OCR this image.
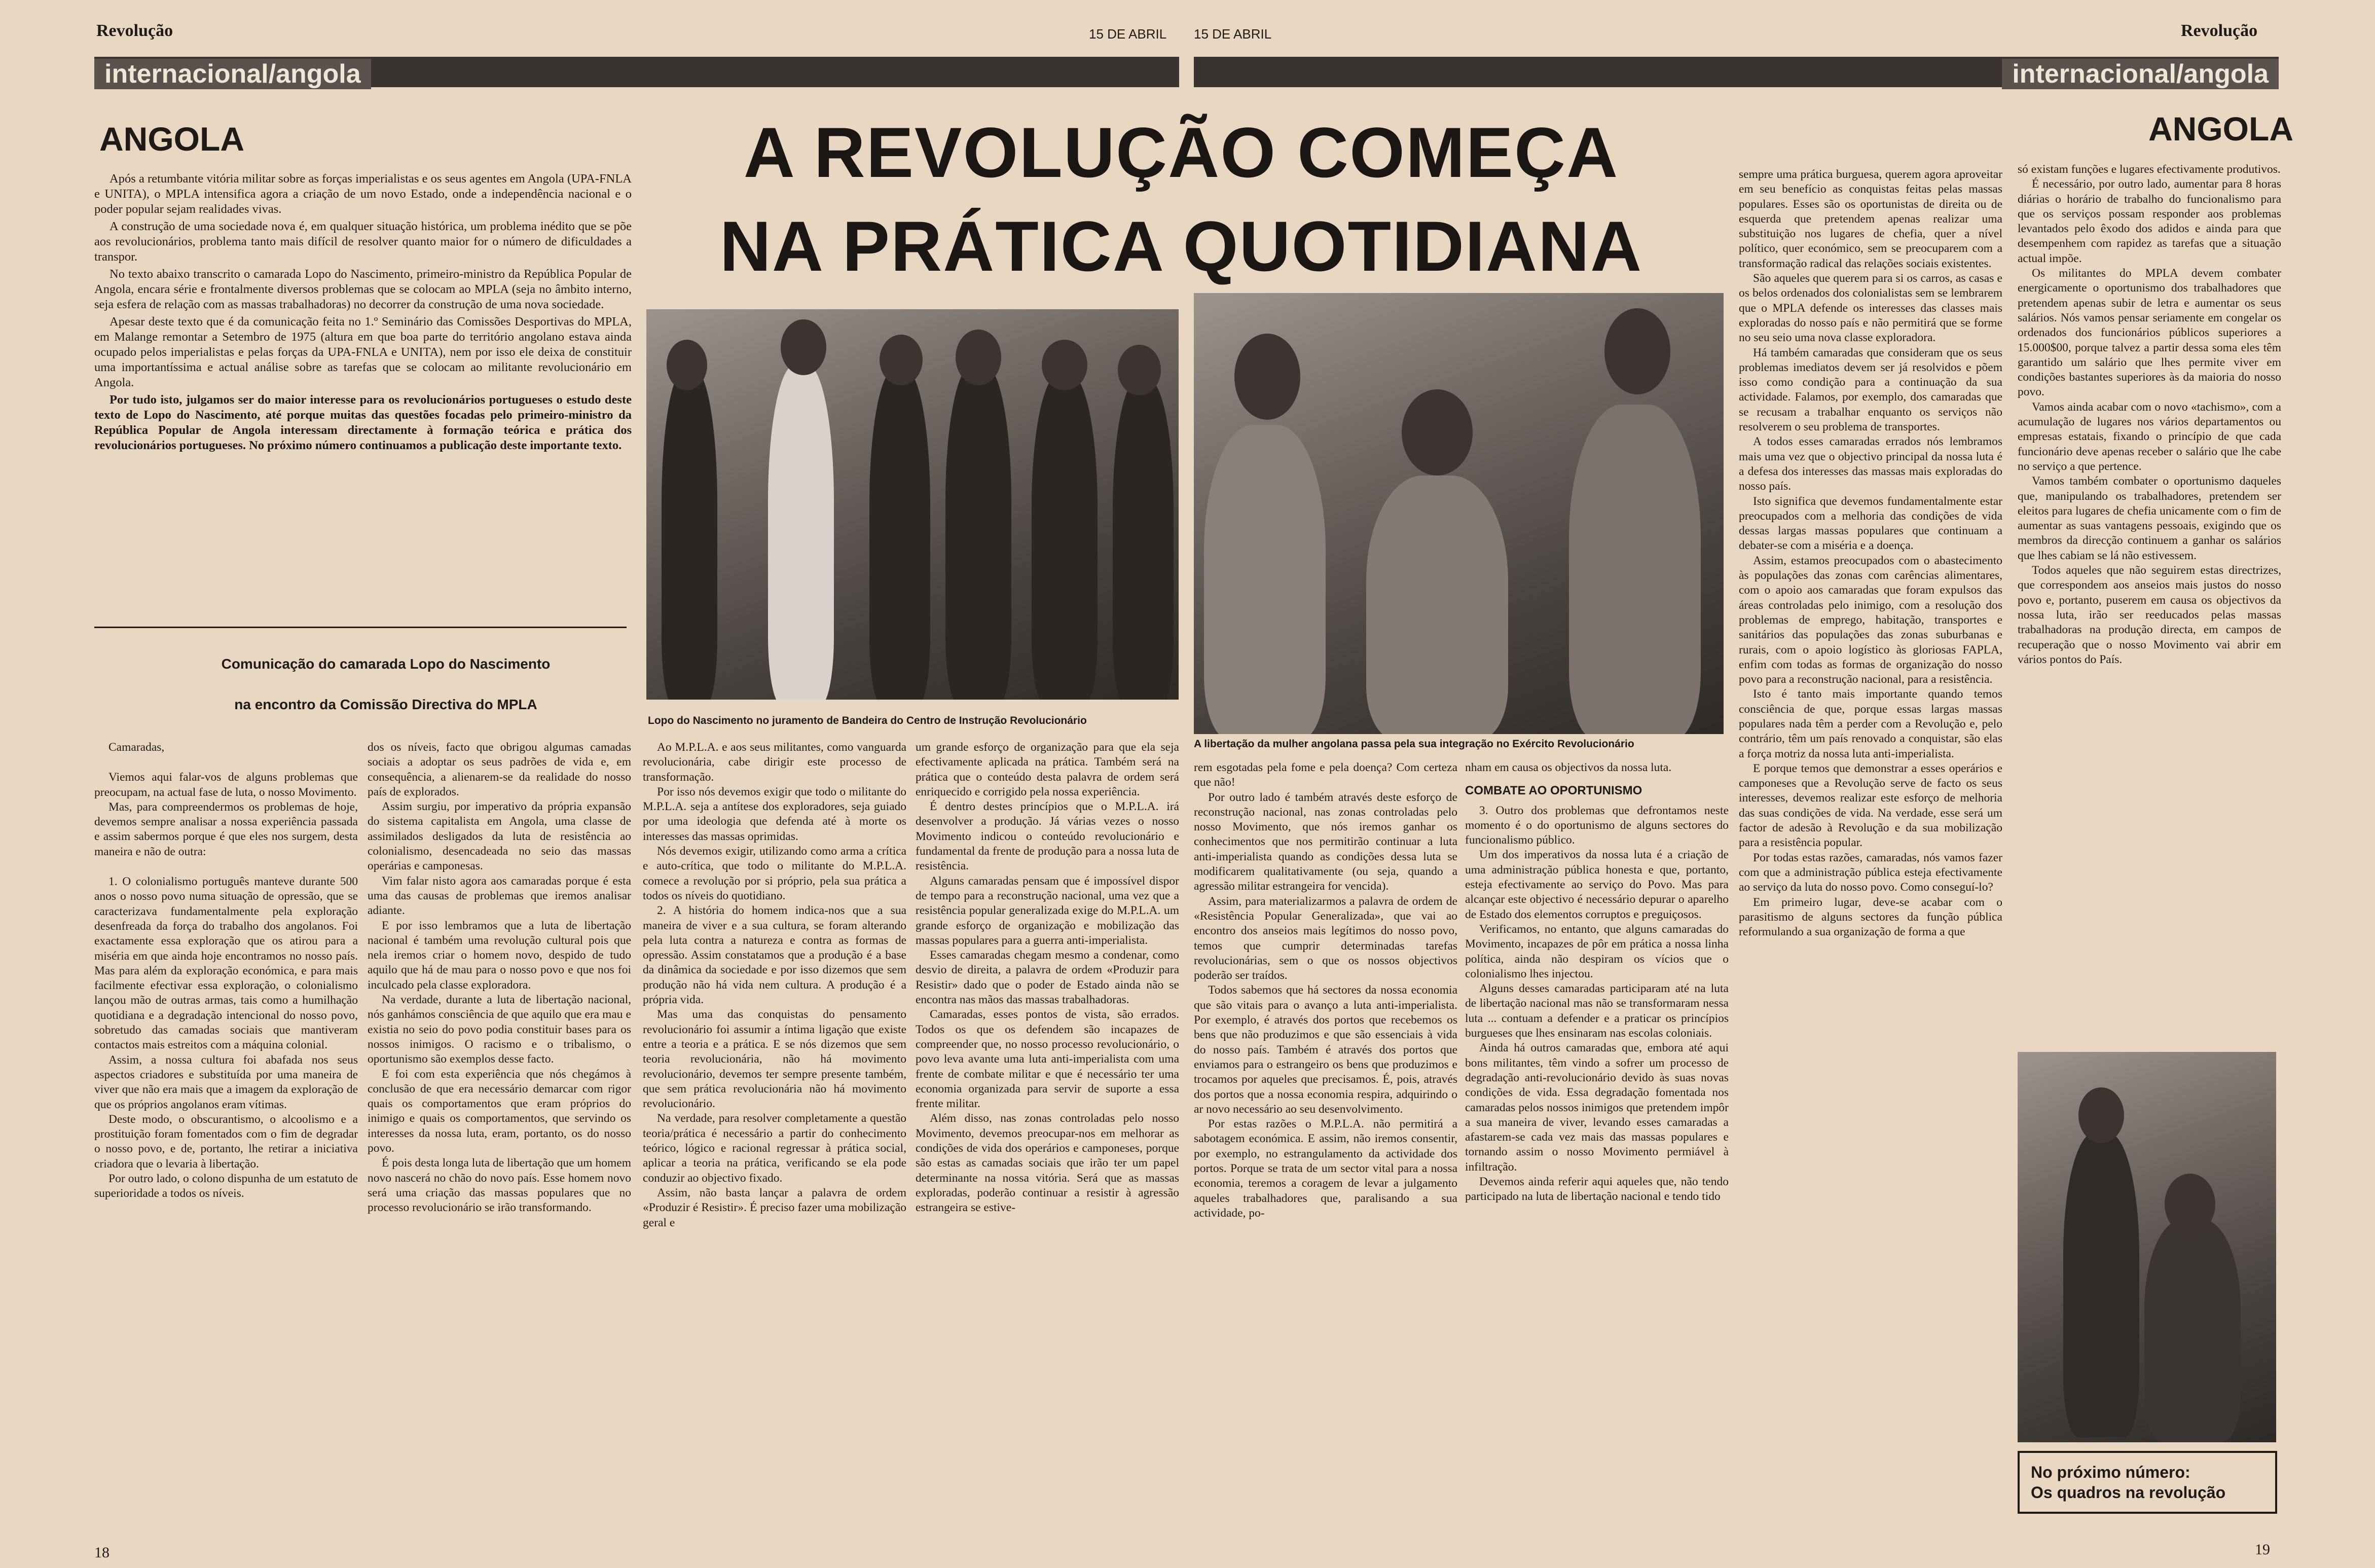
Revolução	15 DE ABRIL 15 DE ABRIL	Revolução
internacional/angola	internacional/angola
ANGOLA	ANGOLA
A REVOLUÇÃO COMEÇA
NA PRÁTICA QUOTIDIANA

Após a retumbante vitória militar sobre as forças imperialistas e os seus agentes em Angola (UPA-FNLA e UNITA), o MPLA intensifica agora a criação de um novo Estado, onde a independência nacional e o poder popular sejam realidades vivas.

A construção de uma sociedade nova é, em qualquer situação histórica, um problema inédito que se põe aos revolucionários, problema tanto mais difícil de resolver quanto maior for o número de dificuldades a transpor.

No texto abaixo transcrito o camarada Lopo do Nascimento, primeiro-ministro da República Popular de Angola, encara série e frontalmente diversos problemas que se colocam ao MPLA (seja no âmbito interno, seja esfera de relação com as massas trabalhadoras) no decorrer da construção de uma nova sociedade.

Apesar deste texto que é da comunicação feita no 1.º Seminário das Comissões Desportivas do MPLA, em Malange remontar a Setembro de 1975 (altura em que boa parte do território angolano estava ainda ocupado pelos imperialistas e pelas forças da UPA-FNLA e UNITA), nem por isso ele deixa de constituir uma importantíssima e actual análise sobre as tarefas que se colocam ao militante revolucionário em Angola.

Por tudo isto, julgamos ser do maior interesse para os revolucionários portugueses o estudo deste texto de Lopo do Nascimento, até porque muitas das questões focadas pelo primeiro-ministro da República Popular de Angola interessam directamente à formação teórica e prática dos revolucionários portugueses. No próximo número continuamos a publicação deste importante texto.

Comunicação do camarada Lopo do Nascimento
na encontro da Comissão Directiva do MPLA
Lopo do Nascimento no juramento de Bandeira do Centro de Instrução Revolucionário
A libertação da mulher angolana passa pela sua integração no Exército Revolucionário

Camaradas,

Viemos aqui falar-vos de alguns problemas que preocupam, na actual fase de luta, o nosso Movimento.

Mas, para compreendermos os problemas de hoje, devemos sempre analisar a nossa experiência passada e assim sabermos porque é que eles nos surgem, desta maneira e não de outra:

1. O colonialismo português manteve durante 500 anos o nosso povo numa situação de opressão, que se caracterizava fundamentalmente pela exploração desenfreada da força do trabalho dos angolanos. Foi exactamente essa exploração que os atirou para a miséria em que ainda hoje encontramos no nosso país. Mas para além da exploração económica, e para mais facilmente efectivar essa exploração, o colonialismo lançou mão de outras armas, tais como a humilhação quotidiana e a degradação intencional do nosso povo, sobretudo das camadas sociais que mantiveram contactos mais estreitos com a máquina colonial.

Assim, a nossa cultura foi abafada nos seus aspectos criadores e substituída por uma maneira de viver que não era mais que a imagem da exploração de que os próprios angolanos eram vítimas.

Deste modo, o obscurantismo, o alcoolismo e a prostituição foram fomentados com o fim de degradar o nosso povo, e de, portanto, lhe retirar a iniciativa criadora que o levaria à libertação.

Por outro lado, o colono dispunha de um estatuto de superioridade a todos os níveis.

dos os níveis, facto que obrigou algumas camadas sociais a adoptar os seus padrões de vida e, em consequência, a alienarem-se da realidade do nosso país de explorados.

Assim surgiu, por imperativo da própria expansão do sistema capitalista em Angola, uma classe de assimilados desligados da luta de resistência ao colonialismo, desencadeada no seio das massas operárias e camponesas.

Vim falar nisto agora aos camaradas porque é esta uma das causas de problemas que iremos analisar adiante.

E por isso lembramos que a luta de libertação nacional é também uma revolução cultural pois que nela iremos criar o homem novo, despido de tudo aquilo que há de mau para o nosso povo e que nos foi inculcado pela classe exploradora.

Na verdade, durante a luta de libertação nacional, nós ganhámos consciência de que aquilo que era mau e existia no seio do povo podia constituir bases para os nossos inimigos. O racismo e o tribalismo, o oportunismo são exemplos desse facto.

E foi com esta experiência que nós chegámos à conclusão de que era necessário demarcar com rigor quais os comportamentos que eram próprios do inimigo e quais os comportamentos, que servindo os interesses da nossa luta, eram, portanto, os do nosso povo.

É pois desta longa luta de libertação que um homem novo nascerá no chão do novo país. Esse homem novo será uma criação das massas populares que no processo revolucionário se irão transformando.

Ao M.P.L.A. e aos seus militantes, como vanguarda revolucionária, cabe dirigir este processo de transformação.

Por isso nós devemos exigir que todo o militante do M.P.L.A. seja a antítese dos exploradores, seja guiado por uma ideologia que defenda até à morte os interesses das massas oprimidas.

Nós devemos exigir, utilizando como arma a crítica e auto-crítica, que todo o militante do M.P.L.A. comece a revolução por si próprio, pela sua prática a todos os níveis do quotidiano.

2. A história do homem indica-nos que a sua maneira de viver e a sua cultura, se foram alterando pela luta contra a natureza e contra as formas de opressão. Assim constatamos que a produção é a base da dinâmica da sociedade e por isso dizemos que sem produção não há vida nem cultura. A produção é a própria vida.

Mas uma das conquistas do pensamento revolucionário foi assumir a íntima ligação que existe entre a teoria e a prática. E se nós dizemos que sem teoria revolucionária, não há movimento revolucionário, devemos ter sempre presente também, que sem prática revolucionária não há movimento revolucionário.

Na verdade, para resolver completamente a questão teoria/prática é necessário a partir do conhecimento teórico, lógico e racional regressar à prática social, aplicar a teoria na prática, verificando se ela pode conduzir ao objectivo fixado.

Assim, não basta lançar a palavra de ordem «Produzir é Resistir». É preciso fazer uma mobilização geral e

um grande esforço de organização para que ela seja efectivamente aplicada na prática. Também será na prática que o conteúdo desta palavra de ordem será enriquecido e corrigido pela nossa experiência.

É dentro destes princípios que o M.P.L.A. irá desenvolver a produção. Já várias vezes o nosso Movimento indicou o conteúdo revolucionário e fundamental da frente de produção para a nossa luta de resistência.

Alguns camaradas pensam que é impossível dispor de tempo para a reconstrução nacional, uma vez que a resistência popular generalizada exige do M.P.L.A. um grande esforço de organização e mobilização das massas populares para a guerra anti-imperialista.

Esses camaradas chegam mesmo a condenar, como desvio de direita, a palavra de ordem «Produzir para Resistir» dado que o poder de Estado ainda não se encontra nas mãos das massas trabalhadoras.

Camaradas, esses pontos de vista, são errados. Todos os que os defendem são incapazes de compreender que, no nosso processo revolucionário, o povo leva avante uma luta anti-imperialista com uma frente de combate militar e que é necessário ter uma economia organizada para servir de suporte a essa frente militar.

Além disso, nas zonas controladas pelo nosso Movimento, devemos preocupar-nos em melhorar as condições de vida dos operários e camponeses, porque são estas as camadas sociais que irão ter um papel determinante na nossa vitória. Será que as massas exploradas, poderão continuar a resistir à agressão estrangeira se estive-

rem esgotadas pela fome e pela doença? Com certeza que não!

Por outro lado é também através deste esforço de reconstrução nacional, nas zonas controladas pelo nosso Movimento, que nós iremos ganhar os conhecimentos que nos permitirão continuar a luta anti-imperialista quando as condições dessa luta se modificarem qualitativamente (ou seja, quando a agressão militar estrangeira for vencida).

Assim, para materializarmos a palavra de ordem de «Resistência Popular Generalizada», que vai ao encontro dos anseios mais legítimos do nosso povo, temos que cumprir determinadas tarefas revolucionárias, sem o que os nossos objectivos poderão ser traídos.

Todos sabemos que há sectores da nossa economia que são vitais para o avanço a luta anti-imperialista. Por exemplo, é através dos portos que recebemos os bens que não produzimos e que são essenciais à vida do nosso país. Também é através dos portos que enviamos para o estrangeiro os bens que produzimos e trocamos por aqueles que precisamos. É, pois, através dos portos que a nossa economia respira, adquirindo o ar novo necessário ao seu desenvolvimento.

Por estas razões o M.P.L.A. não permitirá a sabotagem económica. E assim, não iremos consentir, por exemplo, no estrangulamento da actividade dos portos. Porque se trata de um sector vital para a nossa economia, teremos a coragem de levar a julgamento aqueles trabalhadores que, paralisando a sua actividade, po-

nham em causa os objectivos da nossa luta.

COMBATE AO OPORTUNISMO

3. Outro dos problemas que defrontamos neste momento é o do oportunismo de alguns sectores do funcionalismo público.

Um dos imperativos da nossa luta é a criação de uma administração pública honesta e que, portanto, esteja efectivamente ao serviço do Povo. Mas para alcançar este objectivo é necessário depurar o aparelho de Estado dos elementos corruptos e preguiçosos.

Verificamos, no entanto, que alguns camaradas do Movimento, incapazes de pôr em prática a nossa linha política, ainda não despiram os vícios que o colonialismo lhes injectou.

Alguns desses camaradas participaram até na luta de libertação nacional mas não se transformaram nessa luta ... contuam a defender e a praticar os princípios burgueses que lhes ensinaram nas escolas coloniais.

Ainda há outros camaradas que, embora até aqui bons militantes, têm vindo a sofrer um processo de degradação anti-revolucionário devido às suas novas condições de vida. Essa degradação fomentada nos camaradas pelos nossos inimigos que pretendem impôr a sua maneira de viver, levando esses camaradas a afastarem-se cada vez mais das massas populares e tornando assim o nosso Movimento permiável à infiltração.

Devemos ainda referir aqui aqueles que, não tendo participado na luta de libertação nacional e tendo tido

sempre uma prática burguesa, querem agora aproveitar em seu benefício as conquistas feitas pelas massas populares. Esses são os oportunistas de direita ou de esquerda que pretendem apenas realizar uma substituição nos lugares de chefia, quer a nível político, quer económico, sem se preocuparem com a transformação radical das relações sociais existentes.

São aqueles que querem para si os carros, as casas e os belos ordenados dos colonialistas sem se lembrarem que o MPLA defende os interesses das classes mais exploradas do nosso país e não permitirá que se forme no seu seio uma nova classe exploradora.

Há também camaradas que consideram que os seus problemas imediatos devem ser já resolvidos e põem isso como condição para a continuação da sua actividade. Falamos, por exemplo, dos camaradas que se recusam a trabalhar enquanto os serviços não resolverem o seu problema de transportes.

A todos esses camaradas errados nós lembramos mais uma vez que o objectivo principal da nossa luta é a defesa dos interesses das massas mais exploradas do nosso país.

Isto significa que devemos fundamentalmente estar preocupados com a melhoria das condições de vida dessas largas massas populares que continuam a debater-se com a miséria e a doença.

Assim, estamos preocupados com o abastecimento às populações das zonas com carências alimentares, com o apoio aos camaradas que foram expulsos das áreas controladas pelo inimigo, com a resolução dos problemas de emprego, habitação, transportes e sanitários das populações das zonas suburbanas e rurais, com o apoio logístico às gloriosas FAPLA, enfim com todas as formas de organização do nosso povo para a reconstrução nacional, para a resistência.

Isto é tanto mais importante quando temos consciência de que, porque essas largas massas populares nada têm a perder com a Revolução e, pelo contrário, têm um país renovado a conquistar, são elas a força motriz da nossa luta anti-imperialista.

E porque temos que demonstrar a esses operários e camponeses que a Revolução serve de facto os seus interesses, devemos realizar este esforço de melhoria das suas condições de vida. Na verdade, esse será um factor de adesão à Revolução e da sua mobilização para a resistência popular.

Por todas estas razões, camaradas, nós vamos fazer com que a administração pública esteja efectivamente ao serviço da luta do nosso povo. Como conseguí-lo?

Em primeiro lugar, deve-se acabar com o parasitismo de alguns sectores da função pública reformulando a sua organização de forma a que

só existam funções e lugares efectivamente produtivos.

É necessário, por outro lado, aumentar para 8 horas diárias o horário de trabalho do funcionalismo para que os serviços possam responder aos problemas levantados pelo êxodo dos adidos e ainda para que desempenhem com rapidez as tarefas que a situação actual impõe.

Os militantes do MPLA devem combater energicamente o oportunismo dos trabalhadores que pretendem apenas subir de letra e aumentar os seus salários. Nós vamos pensar seriamente em congelar os ordenados dos funcionários públicos superiores a 15.000$00, porque talvez a partir dessa soma eles têm garantido um salário que lhes permite viver em condições bastantes superiores às da maioria do nosso povo.

Vamos ainda acabar com o novo «tachismo», com a acumulação de lugares nos vários departamentos ou empresas estatais, fixando o princípio de que cada funcionário deve apenas receber o salário que lhe cabe no serviço a que pertence.

Vamos também combater o oportunismo daqueles que, manipulando os trabalhadores, pretendem ser eleitos para lugares de chefia unicamente com o fim de aumentar as suas vantagens pessoais, exigindo que os membros da direcção continuem a ganhar os salários que lhes cabiam se lá não estivessem.

Todos aqueles que não seguirem estas directrizes, que correspondem aos anseios mais justos do nosso povo e, portanto, puserem em causa os objectivos da nossa luta, irão ser reeducados pelas massas trabalhadoras na produção directa, em campos de recuperação que o nosso Movimento vai abrir em vários pontos do País.

No próximo número:
Os quadros na revolução
18	19
